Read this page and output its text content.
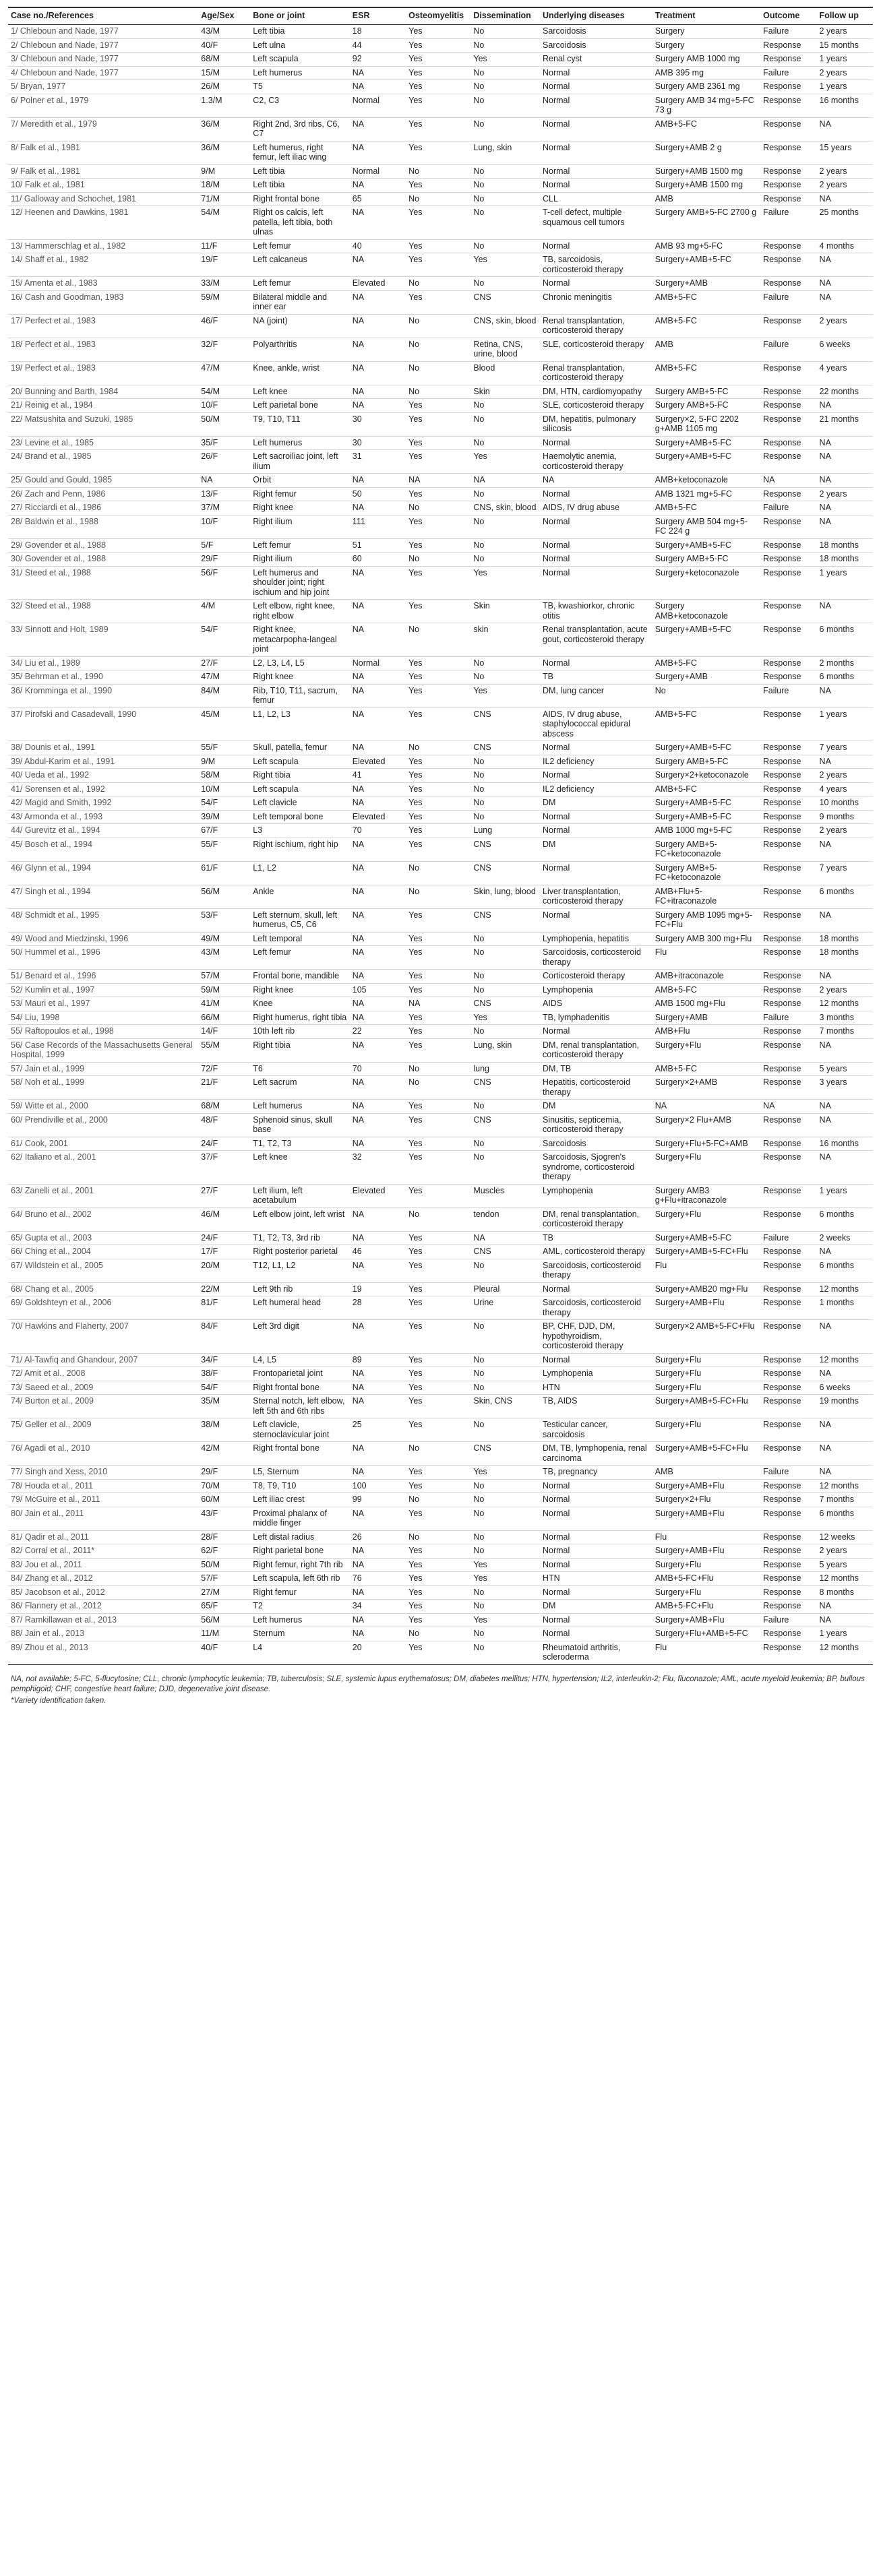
Case no./References	Age/Sex	Bone or joint	ESR	Osteomyelitis	Dissemination	Underlying diseases	Treatment	Outcome	Follow up
1/ Chleboun and Nade, 1977	43/M	Left tibia	18	Yes	No	Sarcoidosis	Surgery	Failure	2 years
2/ Chleboun and Nade, 1977	40/F	Left ulna	44	Yes	No	Sarcoidosis	Surgery	Response	15 months
3/ Chleboun and Nade, 1977	68/M	Left scapula	92	Yes	Yes	Renal cyst	Surgery AMB 1000 mg	Response	1 years
4/ Chleboun and Nade, 1977	15/M	Left humerus	NA	Yes	No	Normal	AMB 395 mg	Failure	2 years
5/ Bryan, 1977	26/M	T5	NA	Yes	No	Normal	Surgery AMB 2361 mg	Response	1 years
6/ Polner et al., 1979	1.3/M	C2, C3	Normal	Yes	No	Normal	Surgery AMB 34 mg+5-FC 73 g	Response	16 months
7/ Meredith et al., 1979	36/M	Right 2nd, 3rd ribs, C6, C7	NA	Yes	No	Normal	AMB+5-FC	Response	NA
8/ Falk et al., 1981	36/M	Left humerus, right femur, left iliac wing	NA	Yes	Lung, skin	Normal	Surgery+AMB 2 g	Response	15 years
9/ Falk et al., 1981	9/M	Left tibia	Normal	No	No	Normal	Surgery+AMB 1500 mg	Response	2 years
10/ Falk et al., 1981	18/M	Left tibia	NA	Yes	No	Normal	Surgery+AMB 1500 mg	Response	2 years
11/ Galloway and Schochet, 1981	71/M	Right frontal bone	65	No	No	CLL	AMB	Response	NA
12/ Heenen and Dawkins, 1981	54/M	Right os calcis, left patella, left tibia, both ulnas	NA	Yes	No	T-cell defect, multiple squamous cell tumors	Surgery AMB+5-FC 2700 g	Failure	25 months
13/ Hammerschlag et al., 1982	11/F	Left femur	40	Yes	No	Normal	AMB 93 mg+5-FC	Response	4 months
14/ Shaff et al., 1982	19/F	Left calcaneus	NA	Yes	Yes	TB, sarcoidosis, corticosteroid therapy	Surgery+AMB+5-FC	Response	NA
15/ Amenta et al., 1983	33/M	Left femur	Elevated	No	No	Normal	Surgery+AMB	Response	NA
16/ Cash and Goodman, 1983	59/M	Bilateral middle and inner ear	NA	Yes	CNS	Chronic meningitis	AMB+5-FC	Failure	NA
17/ Perfect et al., 1983	46/F	NA (joint)	NA	No	CNS, skin, blood	Renal transplantation, corticosteroid therapy	AMB+5-FC	Response	2 years
18/ Perfect et al., 1983	32/F	Polyarthritis	NA	No	Retina, CNS, urine, blood	SLE, corticosteroid therapy	AMB	Failure	6 weeks
19/ Perfect et al., 1983	47/M	Knee, ankle, wrist	NA	No	Blood	Renal transplantation, corticosteroid therapy	AMB+5-FC	Response	4 years
20/ Bunning and Barth, 1984	54/M	Left knee	NA	No	Skin	DM, HTN, cardiomyopathy	Surgery AMB+5-FC	Response	22 months
21/ Reinig et al., 1984	10/F	Left parietal bone	NA	Yes	No	SLE, corticosteroid therapy	Surgery AMB+5-FC	Response	NA
22/ Matsushita and Suzuki, 1985	50/M	T9, T10, T11	30	Yes	No	DM, hepatitis, pulmonary silicosis	Surgery×2, 5-FC 2202 g+AMB 1105 mg	Response	21 months
23/ Levine et al., 1985	35/F	Left humerus	30	Yes	No	Normal	Surgery+AMB+5-FC	Response	NA
24/ Brand et al., 1985	26/F	Left sacroiliac joint, left ilium	31	Yes	Yes	Haemolytic anemia, corticosteroid therapy	Surgery+AMB+5-FC	Response	NA
25/ Gould and Gould, 1985	NA	Orbit	NA	NA	NA	NA	AMB+ketoconazole	NA	NA
26/ Zach and Penn, 1986	13/F	Right femur	50	Yes	No	Normal	AMB 1321 mg+5-FC	Response	2 years
27/ Ricciardi et al., 1986	37/M	Right knee	NA	No	CNS, skin, blood	AIDS, IV drug abuse	AMB+5-FC	Failure	NA
28/ Baldwin et al., 1988	10/F	Right ilium	111	Yes	No	Normal	Surgery AMB 504 mg+5-FC 224 g	Response	NA
29/ Govender et al., 1988	5/F	Left femur	51	Yes	No	Normal	Surgery+AMB+5-FC	Response	18 months
30/ Govender et al., 1988	29/F	Right ilium	60	No	No	Normal	Surgery AMB+5-FC	Response	18 months
31/ Steed et al., 1988	56/F	Left humerus and shoulder joint; right ischium and hip joint	NA	Yes	Yes	Normal	Surgery+ketoconazole	Response	1 years
32/ Steed et al., 1988	4/M	Left elbow, right knee, right elbow	NA	Yes	Skin	TB, kwashiorkor, chronic otitis	Surgery AMB+ketoconazole	Response	NA
33/ Sinnott and Holt, 1989	54/F	Right knee, metacarpopha-langeal joint	NA	No	skin	Renal transplantation, acute gout, corticosteroid therapy	Surgery+AMB+5-FC	Response	6 months
34/ Liu et al., 1989	27/F	L2, L3, L4, L5	Normal	Yes	No	Normal	AMB+5-FC	Response	2 months
35/ Behrman et al., 1990	47/M	Right knee	NA	Yes	No	TB	Surgery+AMB	Response	6 months
36/ Kromminga et al., 1990	84/M	Rib, T10, T11, sacrum, femur	NA	Yes	Yes	DM, lung cancer	No	Failure	NA
37/ Pirofski and Casadevall, 1990	45/M	L1, L2, L3	NA	Yes	CNS	AIDS, IV drug abuse, staphylococcal epidural abscess	AMB+5-FC	Response	1 years
38/ Dounis et al., 1991	55/F	Skull, patella, femur	NA	No	CNS	Normal	Surgery+AMB+5-FC	Response	7 years
39/ Abdul-Karim et al., 1991	9/M	Left scapula	Elevated	Yes	No	IL2 deficiency	Surgery AMB+5-FC	Response	NA
40/ Ueda et al., 1992	58/M	Right tibia	41	Yes	No	Normal	Surgery×2+ketoconazole	Response	2 years
41/ Sorensen et al., 1992	10/M	Left scapula	NA	Yes	No	IL2 deficiency	AMB+5-FC	Response	4 years
42/ Magid and Smith, 1992	54/F	Left clavicle	NA	Yes	No	DM	Surgery+AMB+5-FC	Response	10 months
43/ Armonda et al., 1993	39/M	Left temporal bone	Elevated	Yes	No	Normal	Surgery+AMB+5-FC	Response	9 months
44/ Gurevitz et al., 1994	67/F	L3	70	Yes	Lung	Normal	AMB 1000 mg+5-FC	Response	2 years
45/ Bosch et al., 1994	55/F	Right ischium, right hip	NA	Yes	CNS	DM	Surgery AMB+5-FC+ketoconazole	Response	NA
46/ Glynn et al., 1994	61/F	L1, L2	NA	No	CNS	Normal	Surgery AMB+5-FC+ketoconazole	Response	7 years
47/ Singh et al., 1994	56/M	Ankle	NA	No	Skin, lung, blood	Liver transplantation, corticosteroid therapy	AMB+Flu+5-FC+itraconazole	Response	6 months
48/ Schmidt et al., 1995	53/F	Left sternum, skull, left humerus, C5, C6	NA	Yes	CNS	Normal	Surgery AMB 1095 mg+5-FC+Flu	Response	NA
49/ Wood and Miedzinski, 1996	49/M	Left temporal	NA	Yes	No	Lymphopenia, hepatitis	Surgery AMB 300 mg+Flu	Response	18 months
50/ Hummel et al., 1996	43/M	Left femur	NA	Yes	No	Sarcoidosis, corticosteroid therapy	Flu	Response	18 months
51/ Benard et al., 1996	57/M	Frontal bone, mandible	NA	Yes	No	Corticosteroid therapy	AMB+itraconazole	Response	NA
52/ Kumlin et al., 1997	59/M	Right knee	105	Yes	No	Lymphopenia	AMB+5-FC	Response	2 years
53/ Mauri et al., 1997	41/M	Knee	NA	NA	CNS	AIDS	AMB 1500 mg+Flu	Response	12 months
54/ Liu, 1998	66/M	Right humerus, right tibia	NA	Yes	Yes	TB, lymphadenitis	Surgery+AMB	Failure	3 months
55/ Raftopoulos et al., 1998	14/F	10th left rib	22	Yes	No	Normal	AMB+Flu	Response	7 months
56/ Case Records of the Massachusetts General Hospital, 1999	55/M	Right tibia	NA	Yes	Lung, skin	DM, renal transplantation, corticosteroid therapy	Surgery+Flu	Response	NA
57/ Jain et al., 1999	72/F	T6	70	No	lung	DM, TB	AMB+5-FC	Response	5 years
58/ Noh et al., 1999	21/F	Left sacrum	NA	No	CNS	Hepatitis, corticosteroid therapy	Surgery×2+AMB	Response	3 years
59/ Witte et al., 2000	68/M	Left humerus	NA	Yes	No	DM	NA	NA	NA
60/ Prendiville et al., 2000	48/F	Sphenoid sinus, skull base	NA	Yes	CNS	Sinusitis, septicemia, corticosteroid therapy	Surgery×2 Flu+AMB	Response	NA
61/ Cook, 2001	24/F	T1, T2, T3	NA	Yes	No	Sarcoidosis	Surgery+Flu+5-FC+AMB	Response	16 months
62/ Italiano et al., 2001	37/F	Left knee	32	Yes	No	Sarcoidosis, Sjogren's syndrome, corticosteroid therapy	Surgery+Flu	Response	NA
63/ Zanelli et al., 2001	27/F	Left ilium, left acetabulum	Elevated	Yes	Muscles	Lymphopenia	Surgery AMB3 g+Flu+itraconazole	Response	1 years
64/ Bruno et al., 2002	46/M	Left elbow joint, left wrist	NA	No	tendon	DM, renal transplantation, corticosteroid therapy	Surgery+Flu	Response	6 months
65/ Gupta et al., 2003	24/F	T1, T2, T3, 3rd rib	NA	Yes	NA	TB	Surgery+AMB+5-FC	Failure	2 weeks
66/ Ching et al., 2004	17/F	Right posterior parietal	46	Yes	CNS	AML, corticosteroid therapy	Surgery+AMB+5-FC+Flu	Response	NA
67/ Wildstein et al., 2005	20/M	T12, L1, L2	NA	Yes	No	Sarcoidosis, corticosteroid therapy	Flu	Response	6 months
68/ Chang et al., 2005	22/M	Left 9th rib	19	Yes	Pleural	Normal	Surgery+AMB20 mg+Flu	Response	12 months
69/ Goldshteyn et al., 2006	81/F	Left humeral head	28	Yes	Urine	Sarcoidosis, corticosteroid therapy	Surgery+AMB+Flu	Response	1 months
70/ Hawkins and Flaherty, 2007	84/F	Left 3rd digit	NA	Yes	No	BP, CHF, DJD, DM, hypothyroidism, corticosteroid therapy	Surgery×2 AMB+5-FC+Flu	Response	NA
71/ Al-Tawfiq and Ghandour, 2007	34/F	L4, L5	89	Yes	No	Normal	Surgery+Flu	Response	12 months
72/ Amit et al., 2008	38/F	Frontoparietal joint	NA	Yes	No	Lymphopenia	Surgery+Flu	Response	NA
73/ Saeed et al., 2009	54/F	Right frontal bone	NA	Yes	No	HTN	Surgery+Flu	Response	6 weeks
74/ Burton et al., 2009	35/M	Sternal notch, left elbow, left 5th and 6th ribs	NA	Yes	Skin, CNS	TB, AIDS	Surgery+AMB+5-FC+Flu	Response	19 months
75/ Geller et al., 2009	38/M	Left clavicle, sternoclavicular joint	25	Yes	No	Testicular cancer, sarcoidosis	Surgery+Flu	Response	NA
76/ Agadi et al., 2010	42/M	Right frontal bone	NA	No	CNS	DM, TB, lymphopenia, renal carcinoma	Surgery+AMB+5-FC+Flu	Response	NA
77/ Singh and Xess, 2010	29/F	L5, Sternum	NA	Yes	Yes	TB, pregnancy	AMB	Failure	NA
78/ Houda et al., 2011	70/M	T8, T9, T10	100	Yes	No	Normal	Surgery+AMB+Flu	Response	12 months
79/ McGuire et al., 2011	60/M	Left iliac crest	99	No	No	Normal	Surgery×2+Flu	Response	7 months
80/ Jain et al., 2011	43/F	Proximal phalanx of middle finger	NA	Yes	No	Normal	Surgery+AMB+Flu	Response	6 months
81/ Qadir et al., 2011	28/F	Left distal radius	26	No	No	Normal	Flu	Response	12 weeks
82/ Corral et al., 2011*	62/F	Right parietal bone	NA	Yes	No	Normal	Surgery+AMB+Flu	Response	2 years
83/ Jou et al., 2011	50/M	Right femur, right 7th rib	NA	Yes	Yes	Normal	Surgery+Flu	Response	5 years
84/ Zhang et al., 2012	57/F	Left scapula, left 6th rib	76	Yes	Yes	HTN	AMB+5-FC+Flu	Response	12 months
85/ Jacobson et al., 2012	27/M	Right femur	NA	Yes	No	Normal	Surgery+Flu	Response	8 months
86/ Flannery et al., 2012	65/F	T2	34	Yes	No	DM	AMB+5-FC+Flu	Response	NA
87/ Ramkillawan et al., 2013	56/M	Left humerus	NA	Yes	Yes	Normal	Surgery+AMB+Flu	Failure	NA
88/ Jain et al., 2013	11/M	Sternum	NA	No	No	Normal	Surgery+Flu+AMB+5-FC	Response	1 years
89/ Zhou et al., 2013	40/F	L4	20	Yes	No	Rheumatoid arthritis, scleroderma	Flu	Response	12 months

NA, not available; 5-FC, 5-flucytosine; CLL, chronic lymphocytic leukemia; TB, tuberculosis; SLE, systemic lupus erythematosus; DM, diabetes mellitus; HTN, hypertension; IL2, interleukin-2; Flu, fluconazole; AML, acute myeloid leukemia; BP, bullous pemphigoid; CHF, congestive heart failure; DJD, degenerative joint disease.

*Variety identification taken.
